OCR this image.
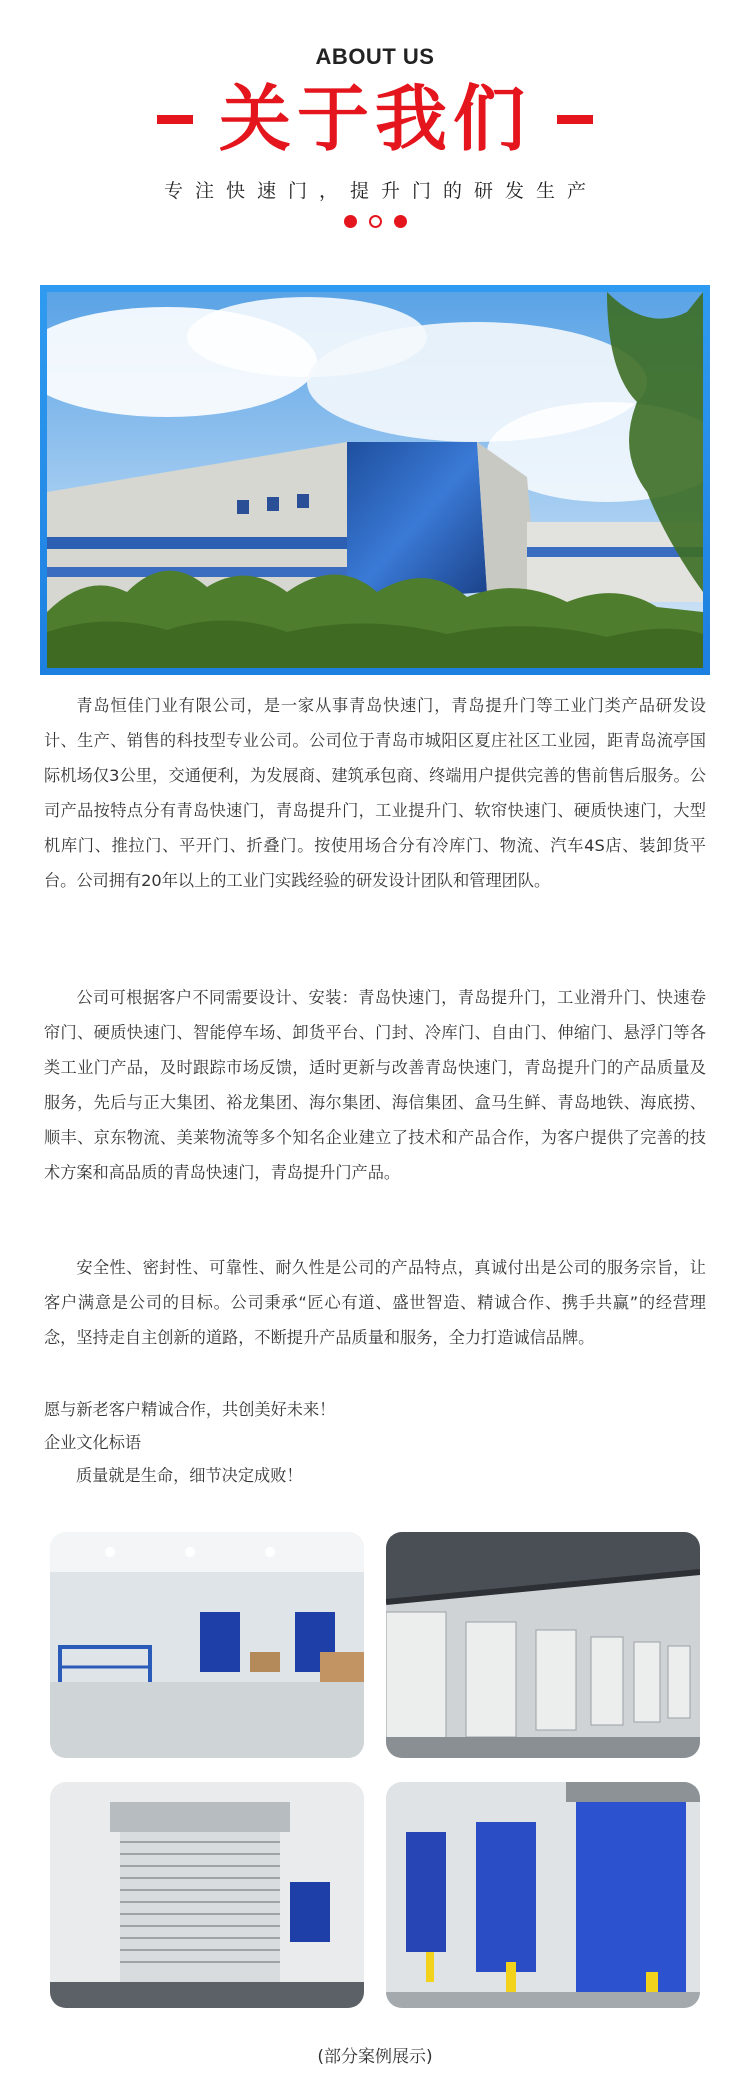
ABOUT US
关于我们
专注快速门，提升门的研发生产

青岛恒佳门业有限公司，是一家从事青岛快速门，青岛提升门等工业门类产品研发设计、生产、销售的科技型专业公司。公司位于青岛市城阳区夏庄社区工业园，距青岛流亭国际机场仅3公里，交通便利，为发展商、建筑承包商、终端用户提供完善的售前售后服务。公司产品按特点分有青岛快速门，青岛提升门，工业提升门、软帘快速门、硬质快速门，大型机库门、推拉门、平开门、折叠门。按使用场合分有冷库门、物流、汽车4S店、装卸货平台。公司拥有20年以上的工业门实践经验的研发设计团队和管理团队。

公司可根据客户不同需要设计、安装：青岛快速门，青岛提升门，工业滑升门、快速卷帘门、硬质快速门、智能停车场、卸货平台、门封、冷库门、自由门、伸缩门、悬浮门等各类工业门产品，及时跟踪市场反馈，适时更新与改善青岛快速门，青岛提升门的产品质量及服务，先后与正大集团、裕龙集团、海尔集团、海信集团、盒马生鲜、青岛地铁、海底捞、顺丰、京东物流、美莱物流等多个知名企业建立了技术和产品合作，为客户提供了完善的技术方案和高品质的青岛快速门，青岛提升门产品。

安全性、密封性、可靠性、耐久性是公司的产品特点，真诚付出是公司的服务宗旨，让客户满意是公司的目标。公司秉承“匠心有道、盛世智造、精诚合作、携手共赢”的经营理念，坚持走自主创新的道路，不断提升产品质量和服务，全力打造诚信品牌。

愿与新老客户精诚合作，共创美好未来！
企业文化标语
质量就是生命，细节决定成败！
(部分案例展示)
